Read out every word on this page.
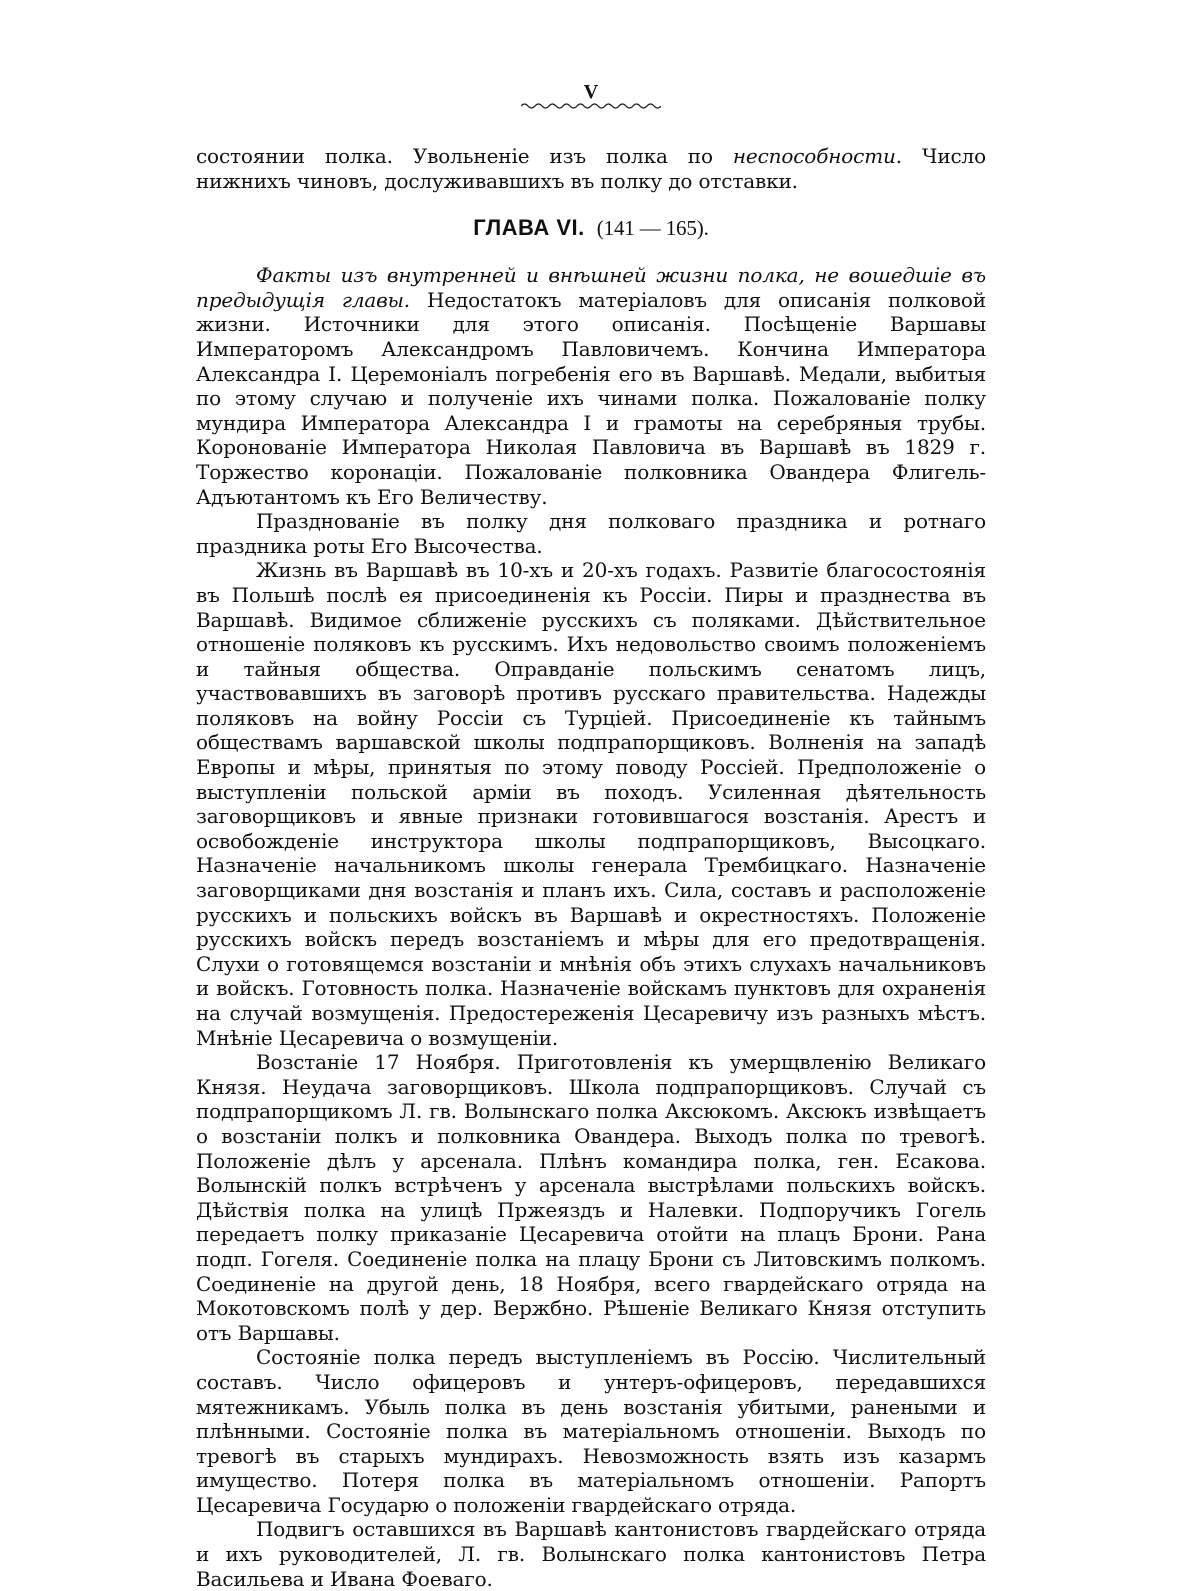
V

состоянии полка. Увольненіе изъ полка по неспособности. Число нижнихъ чиновъ, дослуживавшихъ въ полку до отставки.

ГЛАВА VI. (141 — 165).

Факты изъ внутренней и внѣшней жизни полка, не вошедшіе въ предыдущія главы. Недостатокъ матеріаловъ для описанія полковой жизни. Источники для этого описанія. Посѣщеніе Варшавы Императоромъ Александромъ Павловичемъ. Кончина Императора Александра I. Церемоніалъ погребенія его въ Варшавѣ. Медали, выбитыя по этому случаю и полученіе ихъ чинами полка. Пожалованіе полку мундира Императора Александра I и грамоты на серебряныя трубы. Коронованіе Императора Николая Павловича въ Варшавѣ въ 1829 г. Торжество коронаціи. Пожалованіе полковника Овандера Флигель-Адъютантомъ къ Его Величеству.

Празднованіе въ полку дня полковаго праздника и ротнаго праздника роты Его Высочества.

Жизнь въ Варшавѣ въ 10-хъ и 20-хъ годахъ. Развитіе благосостоянія въ Польшѣ послѣ ея присоединенія къ Россіи. Пиры и празднества въ Варшавѣ. Видимое сближеніе русскихъ съ поляками. Дѣйствительное отношеніе поляковъ къ русскимъ. Ихъ недовольство своимъ положеніемъ и тайныя общества. Оправданіе польскимъ сенатомъ лицъ, участвовавшихъ въ заговорѣ противъ русскаго правительства. Надежды поляковъ на войну Россіи съ Турціей. Присоединеніе къ тайнымъ обществамъ варшавской школы подпрапорщиковъ. Волненія на западѣ Европы и мѣры, принятыя по этому поводу Россіей. Предположеніе о выступленіи польской арміи въ походъ. Усиленная дѣятельность заговорщиковъ и явные признаки готовившагося возстанія. Арестъ и освобожденіе инструктора школы подпрапорщиковъ, Высоцкаго. Назначеніе начальникомъ школы генерала Трембицкаго. Назначеніе заговорщиками дня возстанія и планъ ихъ. Сила, составъ и расположеніе русскихъ и польскихъ войскъ въ Варшавѣ и окрестностяхъ. Положеніе русскихъ войскъ передъ возстаніемъ и мѣры для его предотвращенія. Слухи о готовящемся возстаніи и мнѣнія объ этихъ слухахъ начальниковъ и войскъ. Готовность полка. Назначеніе войскамъ пунктовъ для охраненія на случай возмущенія. Предостереженія Цесаревичу изъ разныхъ мѣстъ. Мнѣніе Цесаревича о возмущеніи.

Возстаніе 17 Ноября. Приготовленія къ умерщвленію Великаго Князя. Неудача заговорщиковъ. Школа подпрапорщиковъ. Случай съ подпрапорщикомъ Л. гв. Волынскаго полка Аксюкомъ. Аксюкъ извѣщаетъ о возстаніи полкъ и полковника Овандера. Выходъ полка по тревогѣ. Положеніе дѣлъ у арсенала. Плѣнъ командира полка, ген. Есакова. Волынскій полкъ встрѣченъ у арсенала выстрѣлами польскихъ войскъ. Дѣйствія полка на улицѣ Пржеяздъ и Налевки. Подпоручикъ Гогель передаетъ полку приказаніе Цесаревича отойти на плацъ Брони. Рана подп. Гогеля. Соединеніе полка на плацу Брони съ Литовскимъ полкомъ. Соединеніе на другой день, 18 Ноября, всего гвардейскаго отряда на Мокотовскомъ полѣ у дер. Вержбно. Рѣшеніе Великаго Князя отступить отъ Варшавы.

Состояніе полка передъ выступленіемъ въ Россію. Числительный составъ. Число офицеровъ и унтеръ-офицеровъ, передавшихся мятежникамъ. Убыль полка въ день возстанія убитыми, ранеными и плѣнными. Состояніе полка въ матеріальномъ отношеніи. Выходъ по тревогѣ въ старыхъ мундирахъ. Невозможность взять изъ казармъ имущество. Потеря полка въ матеріальномъ отношеніи. Рапортъ Цесаревича Государю о положеніи гвардейскаго отряда.

Подвигъ оставшихся въ Варшавѣ кантонистовъ гвардейскаго отряда и ихъ руководителей, Л. гв. Волынскаго полка кантонистовъ Петра Васильева и Ивана Фоеваго.
